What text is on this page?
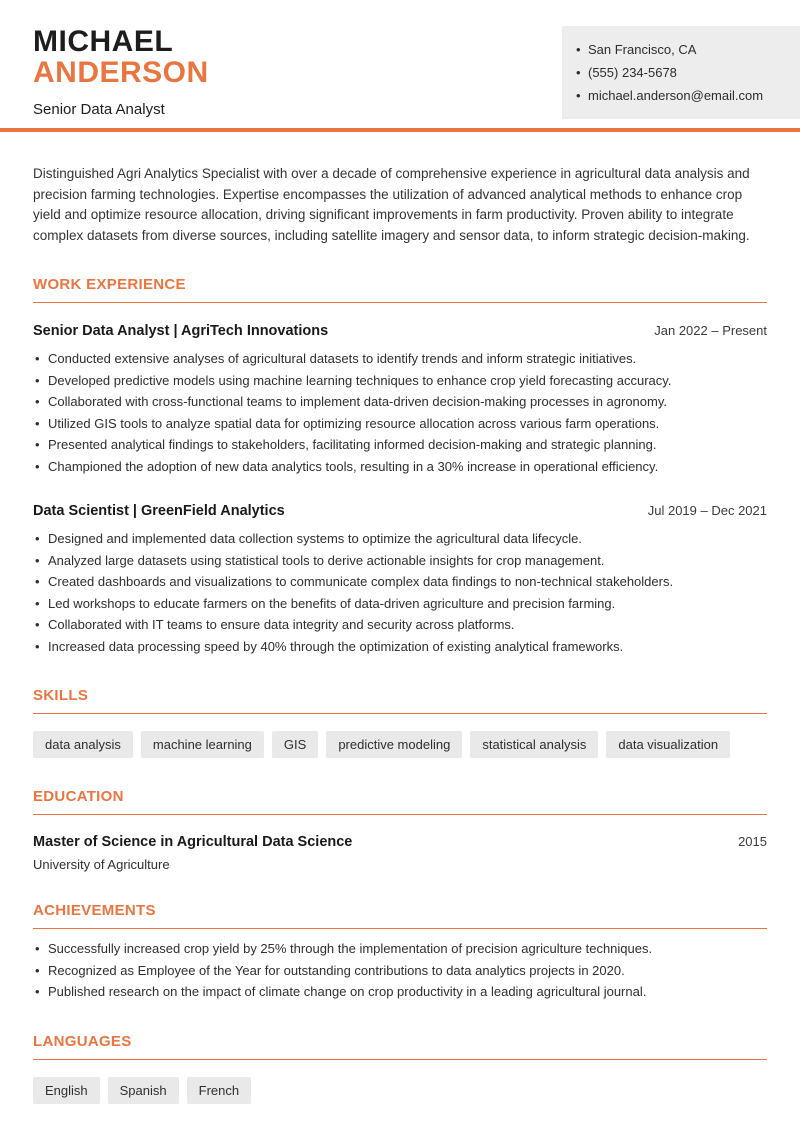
MICHAEL
ANDERSON
Senior Data Analyst
• San Francisco, CA
• (555) 234-5678
• michael.anderson@email.com

Distinguished Agri Analytics Specialist with over a decade of comprehensive experience in agricultural data analysis and precision farming technologies. Expertise encompasses the utilization of advanced analytical methods to enhance crop yield and optimize resource allocation, driving significant improvements in farm productivity. Proven ability to integrate complex datasets from diverse sources, including satellite imagery and sensor data, to inform strategic decision-making.

WORK EXPERIENCE
Senior Data Analyst | AgriTech Innovations	Jan 2022 – Present
• Conducted extensive analyses of agricultural datasets to identify trends and inform strategic initiatives.
• Developed predictive models using machine learning techniques to enhance crop yield forecasting accuracy.
• Collaborated with cross-functional teams to implement data-driven decision-making processes in agronomy.
• Utilized GIS tools to analyze spatial data for optimizing resource allocation across various farm operations.
• Presented analytical findings to stakeholders, facilitating informed decision-making and strategic planning.
• Championed the adoption of new data analytics tools, resulting in a 30% increase in operational efficiency.
Data Scientist | GreenField Analytics	Jul 2019 – Dec 2021
• Designed and implemented data collection systems to optimize the agricultural data lifecycle.
• Analyzed large datasets using statistical tools to derive actionable insights for crop management.
• Created dashboards and visualizations to communicate complex data findings to non-technical stakeholders.
• Led workshops to educate farmers on the benefits of data-driven agriculture and precision farming.
• Collaborated with IT teams to ensure data integrity and security across platforms.
• Increased data processing speed by 40% through the optimization of existing analytical frameworks.
SKILLS
data analysis	machine learning	GIS	predictive modeling	statistical analysis	data visualization
EDUCATION
Master of Science in Agricultural Data Science	2015
University of Agriculture
ACHIEVEMENTS
• Successfully increased crop yield by 25% through the implementation of precision agriculture techniques.
• Recognized as Employee of the Year for outstanding contributions to data analytics projects in 2020.
• Published research on the impact of climate change on crop productivity in a leading agricultural journal.
LANGUAGES
English	Spanish	French
